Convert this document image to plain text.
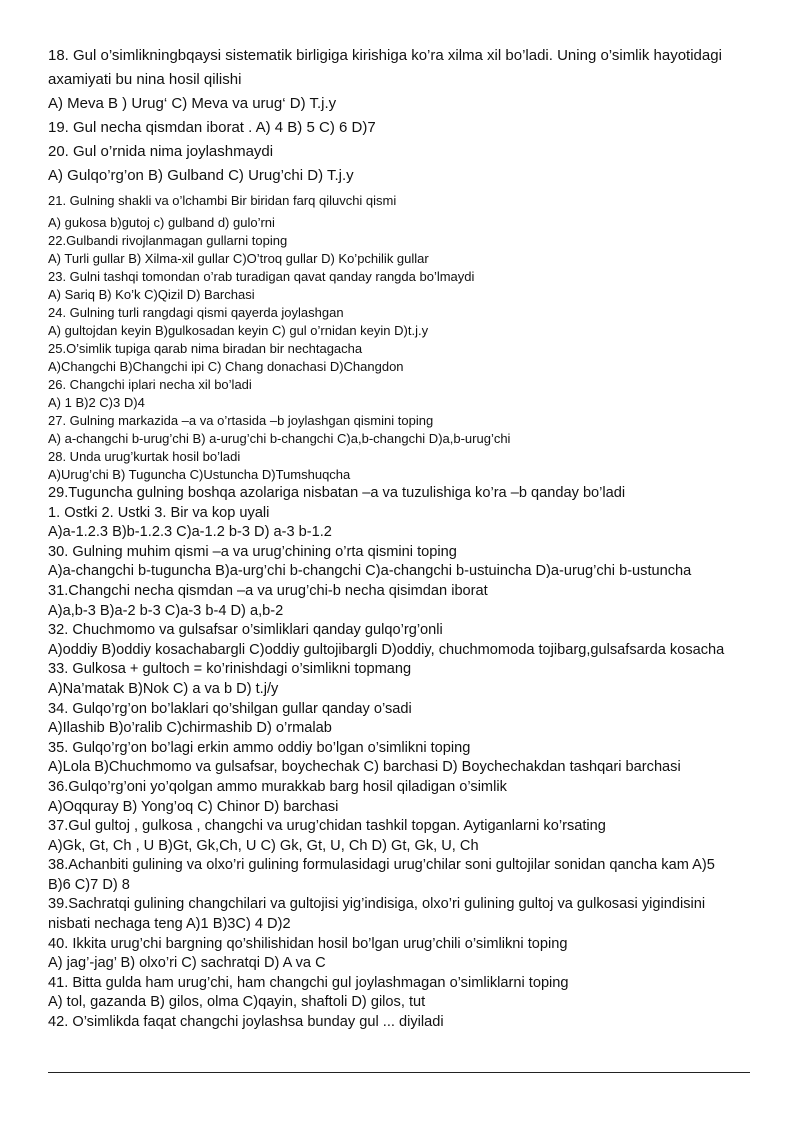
18. Gul o’simlikningbqaysi sistematik birligiga kirishiga ko’ra xilma xil bo’ladi. Uning o’simlik hayotidagi

axamiyati bu nina hosil qilishi

A) Meva B ) Urug‘ C) Meva va urug‘ D) T.j.y

19. Gul necha qismdan iborat . A) 4 B) 5 C) 6 D)7

20. Gul o’rnida nima joylashmaydi

A) Gulqo’rg’on B) Gulband C) Urug’chi D) T.j.y

21. Gulning shakli va o’lchambi Bir biridan farq qiluvchi qismi

A) gukosa b)gutoj c) gulband d) gulo’rni

22.Gulbandi rivojlanmagan gullarni toping

A) Turli gullar B) Xilma-xil gullar C)O’troq gullar D) Ko’pchilik gullar

23. Gulni tashqi tomondan o’rab turadigan qavat qanday rangda bo’lmaydi

A) Sariq B) Ko’k C)Qizil D) Barchasi

24. Gulning turli rangdagi qismi qayerda joylashgan

A) gultojdan keyin B)gulkosadan keyin C) gul o’rnidan keyin D)t.j.y

25.O’simlik tupiga qarab nima biradan bir nechtagacha

A)Changchi B)Changchi ipi C) Chang donachasi D)Changdon

26. Changchi iplari necha xil bo’ladi

A) 1 B)2 C)3 D)4

27. Gulning markazida –a va o’rtasida –b joylashgan qismini toping

A) a-changchi b-urug’chi B) a-urug’chi b-changchi C)a,b-changchi D)a,b-urug’chi

28. Unda urug’kurtak hosil bo’ladi

A)Urug’chi B) Tuguncha C)Ustuncha D)Tumshuqcha

29.Tuguncha gulning boshqa azolariga nisbatan –a va tuzulishiga ko’ra –b qanday bo’ladi

1. Ostki 2. Ustki 3. Bir va kop uyali

A)a-1.2.3 B)b-1.2.3 C)a-1.2 b-3 D) a-3 b-1.2

30. Gulning muhim qismi –a va urug’chining o’rta qismini toping

A)a-changchi b-tuguncha B)a-urg’chi b-changchi C)a-changchi b-ustuincha D)a-urug’chi b-ustuncha

31.Changchi necha qismdan –a va urug’chi-b necha qisimdan iborat

A)a,b-3 B)a-2 b-3 C)a-3 b-4 D) a,b-2

32. Chuchmomo va gulsafsar o’simliklari qanday gulqo’rg’onli

A)oddiy B)oddiy kosachabargli C)oddiy gultojibargli D)oddiy, chuchmomoda tojibarg,gulsafsarda kosacha

33. Gulkosa + gultoch = ko’rinishdagi o’simlikni topmang

A)Na’matak B)Nok C) a va b D) t.j/y

34. Gulqo’rg’on bo’laklari qo’shilgan gullar qanday o’sadi

A)Ilashib B)o’ralib C)chirmashib D) o’rmalab

35. Gulqo’rg’on bo’lagi erkin ammo oddiy bo’lgan o’simlikni toping

A)Lola B)Chuchmomo va gulsafsar, boychechak C) barchasi D) Boychechakdan tashqari barchasi

36.Gulqo’rg’oni yo’qolgan ammo murakkab barg hosil qiladigan o’simlik

A)Oqquray B) Yong’oq C) Chinor D) barchasi

37.Gul gultoj , gulkosa , changchi va urug’chidan tashkil topgan. Aytiganlarni ko’rsating

A)Gk, Gt, Ch , U B)Gt, Gk,Ch, U C) Gk, Gt, U, Ch D) Gt, Gk, U, Ch

38.Achanbiti gulining va olxo’ri gulining formulasidagi urug’chilar soni gultojilar sonidan qancha kam A)5

B)6 C)7 D) 8

39.Sachratqi gulining changchilari va gultojisi yig’indisiga, olxo’ri gulining gultoj va gulkosasi yigindisini

nisbati nechaga teng A)1 B)3C) 4 D)2

40. Ikkita urug’chi bargning qo’shilishidan hosil bo’lgan urug’chili o’simlikni toping

A) jag’-jag’ B) olxo’ri C) sachratqi D) A va C

41. Bitta gulda ham urug’chi, ham changchi gul joylashmagan o’simliklarni toping

A) tol, gazanda B) gilos, olma C)qayin, shaftoli D) gilos, tut

42. O’simlikda faqat changchi joylashsa bunday gul ... diyiladi
